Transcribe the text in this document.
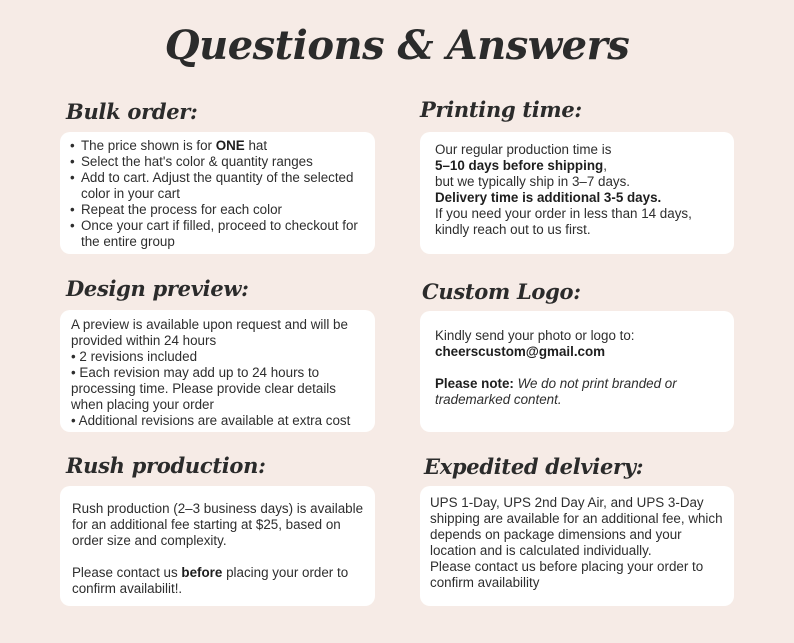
Questions & Answers
Bulk order:
• The price shown is for ONE hat
• Select the hat's color & quantity ranges
• Add to cart. Adjust the quantity of the selected color in your cart
• Repeat the process for each color
• Once your cart if filled, proceed to checkout for the entire group
Printing time:
Our regular production time is
5–10 days before shipping,
but we typically ship in 3–7 days.
Delivery time is additional 3-5 days.
If you need your order in less than 14 days, kindly reach out to us first.
Design preview:
A preview is available upon request and will be provided within 24 hours
• 2 revisions included
• Each revision may add up to 24 hours to processing time. Please provide clear details when placing your order
• Additional revisions are available at extra cost
Custom Logo:
Kindly send your photo or logo to:
cheerscustom@gmail.com
Please note: We do not print branded or trademarked content.
Rush production:
Rush production (2–3 business days) is available for an additional fee starting at $25, based on order size and complexity.
Please contact us before placing your order to confirm availabilit!.
Expedited delviery:
UPS 1-Day, UPS 2nd Day Air, and UPS 3-Day shipping are available for an additional fee, which depends on package dimensions and your location and is calculated individually.
Please contact us before placing your order to confirm availability
